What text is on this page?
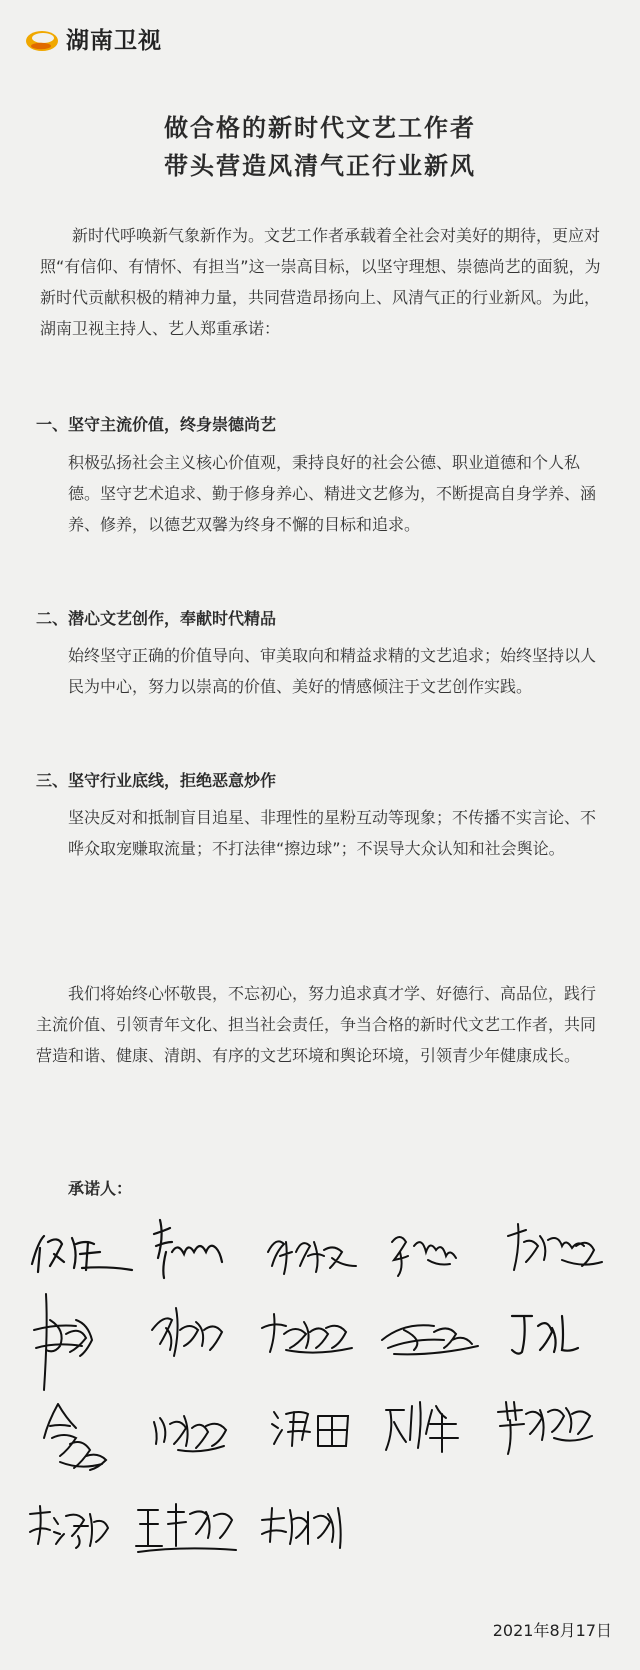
湖南卫视
做合格的新时代文艺工作者
带头营造风清气正行业新风

新时代呼唤新气象新作为。文艺工作者承载着全社会对美好的期待，更应对照“有信仰、有情怀、有担当”这一崇高目标，以坚守理想、崇德尚艺的面貌，为新时代贡献积极的精神力量，共同营造昂扬向上、风清气正的行业新风。为此，湖南卫视主持人、艺人郑重承诺：

一、坚守主流价值，终身崇德尚艺

积极弘扬社会主义核心价值观，秉持良好的社会公德、职业道德和个人私德。坚守艺术追求、勤于修身养心、精进文艺修为，不断提高自身学养、涵养、修养，以德艺双馨为终身不懈的目标和追求。

二、潜心文艺创作，奉献时代精品

始终坚守正确的价值导向、审美取向和精益求精的文艺追求；始终坚持以人民为中心，努力以崇高的价值、美好的情感倾注于文艺创作实践。

三、坚守行业底线，拒绝恶意炒作

坚决反对和抵制盲目追星、非理性的星粉互动等现象；不传播不实言论、不哗众取宠赚取流量；不打法律“擦边球”；不误导大众认知和社会舆论。

我们将始终心怀敬畏，不忘初心，努力追求真才学、好德行、高品位，践行主流价值、引领青年文化、担当社会责任，争当合格的新时代文艺工作者，共同营造和谐、健康、清朗、有序的文艺环境和舆论环境，引领青少年健康成长。

承诺人：
2021年8月17日
